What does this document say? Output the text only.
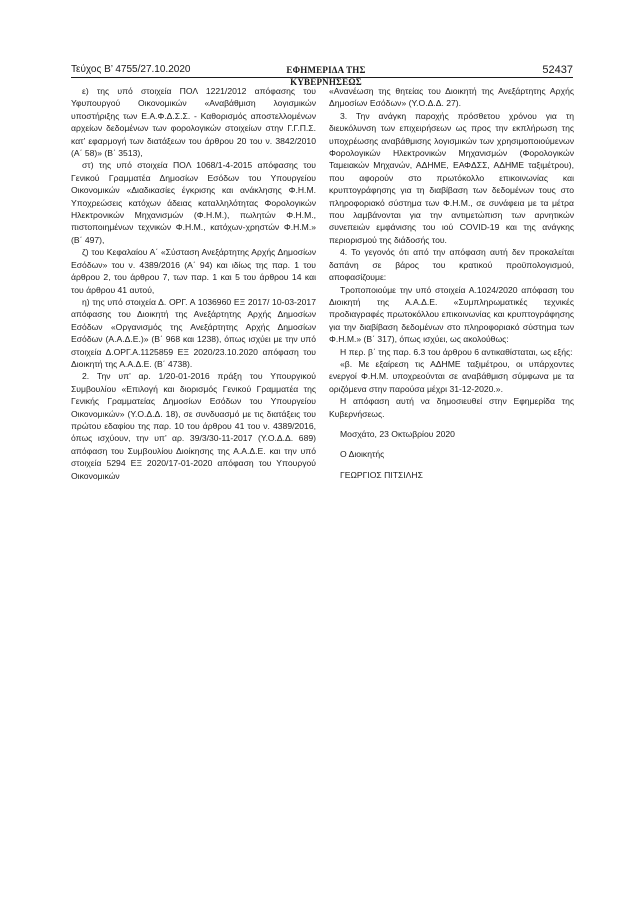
Τεύχος Β’ 4755/27.10.2020	ΕΦΗΜΕΡΙΔΑ ΤΗΣ ΚΥΒΕΡΝΗΣΕΩΣ
52437

ε) της υπό στοιχεία ΠΟΛ 1221/2012 απόφασης του Υφυπουργού Οικονομικών «Αναβάθμιση λογισμικών υποστήριξης των Ε.Α.Φ.Δ.Σ.Σ. - Καθορισμός αποστελλομένων αρχείων δεδομένων των φορολογικών στοιχείων στην Γ.Γ.Π.Σ. κατ’ εφαρμογή των διατάξεων του άρθρου 20 του ν. 3842/2010 (Α΄ 58)» (Β΄ 3513),

στ) της υπό στοιχεία ΠΟΛ 1068/1-4-2015 απόφασης του Γενικού Γραμματέα Δημοσίων Εσόδων του Υπουργείου Οικονομικών «Διαδικασίες έγκρισης και ανάκλησης Φ.Η.Μ. Υποχρεώσεις κατόχων άδειας καταλληλότητας Φορολογικών Ηλεκτρονικών Μηχανισμών (Φ.Η.Μ.), πωλητών Φ.Η.Μ., πιστοποιημένων τεχνικών Φ.Η.Μ., κατόχων-χρηστών Φ.Η.Μ.» (Β΄ 497),

ζ) του Κεφαλαίου Α΄ «Σύσταση Ανεξάρτητης Αρχής Δημοσίων Εσόδων» του ν. 4389/2016 (Α΄ 94) και ιδίως της παρ. 1 του άρθρου 2, του άρθρου 7, των παρ. 1 και 5 του άρθρου 14 και του άρθρου 41 αυτού,

η) της υπό στοιχεία Δ. ΟΡΓ. Α 1036960 ΕΞ 2017/ 10-03-2017 απόφασης του Διοικητή της Ανεξάρτητης Αρχής Δημοσίων Εσόδων «Οργανισμός της Ανεξάρτητης Αρχής Δημοσίων Εσόδων (Α.Α.Δ.Ε.)» (Β΄ 968 και 1238), όπως ισχύει με την υπό στοιχεία Δ.ΟΡΓ.Α.1125859 ΕΞ 2020/23.10.2020 απόφαση του Διοικητή της Α.Α.Δ.Ε. (Β΄ 4738).

2. Την υπ’ αρ. 1/20-01-2016 πράξη του Υπουργικού Συμβουλίου «Επιλογή και διορισμός Γενικού Γραμματέα της Γενικής Γραμματείας Δημοσίων Εσόδων του Υπουργείου Οικονομικών» (Υ.Ο.Δ.Δ. 18), σε συνδυασμό με τις διατάξεις του πρώτου εδαφίου της παρ. 10 του άρθρου 41 του ν. 4389/2016, όπως ισχύουν, την υπ’ αρ. 39/3/30-11-2017 (Υ.Ο.Δ.Δ. 689) απόφαση του Συμβουλίου Διοίκησης της Α.Α.Δ.Ε. και την υπό στοιχεία 5294 ΕΞ 2020/17-01-2020 απόφαση του Υπουργού Οικονομικών

«Ανανέωση της θητείας του Διοικητή της Ανεξάρτητης Αρχής Δημοσίων Εσόδων» (Υ.Ο.Δ.Δ. 27).

3. Την ανάγκη παροχής πρόσθετου χρόνου για τη διευκόλυνση των επιχειρήσεων ως προς την εκπλήρωση της υποχρέωσης αναβάθμισης λογισμικών των χρησιμοποιούμενων Φορολογικών Ηλεκτρονικών Μηχανισμών (Φορολογικών Ταμειακών Μηχανών, ΑΔΗΜΕ, ΕΑΦΔΣΣ, ΑΔΗΜΕ ταξιμέτρου), που αφορούν στο πρωτόκολλο επικοινωνίας και κρυπτογράφησης για τη διαβίβαση των δεδομένων τους στο πληροφοριακό σύστημα των Φ.Η.Μ., σε συνάφεια με τα μέτρα που λαμβάνονται για την αντιμετώπιση των αρνητικών συνεπειών εμφάνισης του ιού COVID-19 και της ανάγκης περιορισμού της διάδοσής του.

4. Το γεγονός ότι από την απόφαση αυτή δεν προκαλείται δαπάνη σε βάρος του κρατικού προϋπολογισμού, αποφασίζουμε:

Τροποποιούμε την υπό στοιχεία Α.1024/2020 απόφαση του Διοικητή της Α.Α.Δ.Ε. «Συμπληρωματικές τεχνικές προδιαγραφές πρωτοκόλλου επικοινωνίας και κρυπτογράφησης για την διαβίβαση δεδομένων στο πληροφοριακό σύστημα των Φ.Η.Μ.» (Β΄ 317), όπως ισχύει, ως ακολούθως:

Η περ. β΄ της παρ. 6.3 του άρθρου 6 αντικαθίσταται, ως εξής:

«β. Με εξαίρεση τις ΑΔΗΜΕ ταξιμέτρου, οι υπάρχοντες ενεργοί Φ.Η.Μ. υποχρεούνται σε αναβάθμιση σύμφωνα με τα οριζόμενα στην παρούσα μέχρι 31-12-2020.».

Η απόφαση αυτή να δημοσιευθεί στην Εφημερίδα της Κυβερνήσεως.

Μοσχάτο, 23 Οκτωβρίου 2020

Ο Διοικητής

ΓΕΩΡΓΙΟΣ ΠΙΤΣΙΛΗΣ
